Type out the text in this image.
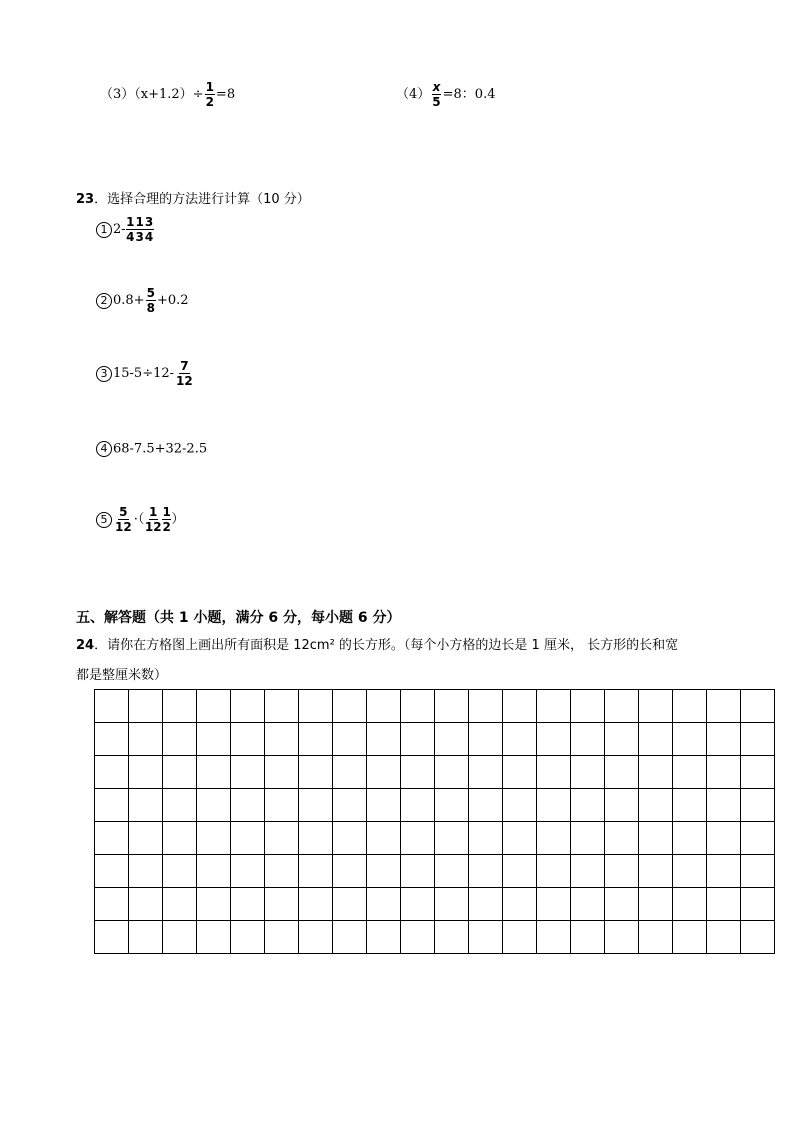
$(3)(x+1.2)\div \frac{1}{2} =8$	$(4) \frac{x}{5} =8$：0.4
23．选择合理的方法进行计算（10 分）
1 $2- \frac{1}{4} \frac{1}{3} \frac{3}{4}$
2 $0.8+ \frac{5}{8} +0.2$
3 $15-5\div 12- \frac{7}{12}$
4 68-7.5+32-2.5
$5 \frac{5}{12}$ ·（ $\frac{1}{12} \frac{1}{2}$ ）
五、解答题（共 1 小题，满分 6 分，每小题 6 分）
24．请你在方格图上画出所有面积是 12cm² 的长方形。（每个小方格的边长是 1 厘米， 长方形的长和宽
都是整厘米数）
